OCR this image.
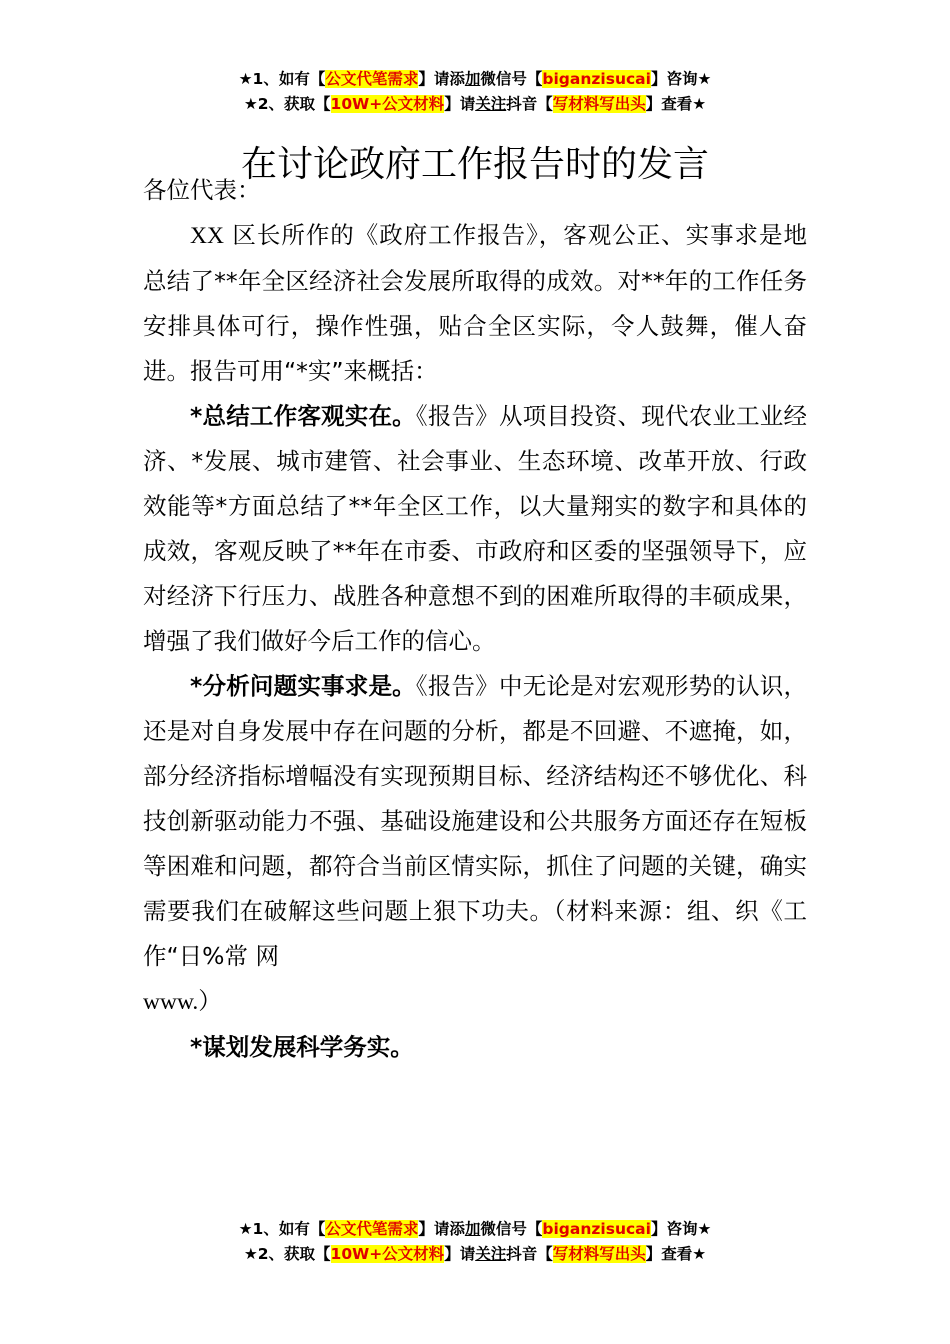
★1、如有【公文代笔需求】请添加微信号【biganzisucai】咨询★
★2、获取【10W+公文材料】请关注抖音【写材料写出头】查看★
在讨论政府工作报告时的发言

各位代表：

XX 区长所作的《政府工作报告》，客观公正、实事求是地总结了**年全区经济社会发展所取得的成效。对**年的工作任务安排具体可行，操作性强，贴合全区实际，令人鼓舞，催人奋进。报告可用“*实”来概括：

*总结工作客观实在。《报告》从项目投资、现代农业工业经济、*发展、城市建管、社会事业、生态环境、改革开放、行政效能等*方面总结了**年全区工作，以大量翔实的数字和具体的成效，客观反映了**年在市委、市政府和区委的坚强领导下，应对经济下行压力、战胜各种意想不到的困难所取得的丰硕成果，增强了我们做好今后工作的信心。

*分析问题实事求是。《报告》中无论是对宏观形势的认识，还是对自身发展中存在问题的分析，都是不回避、不遮掩，如，部分经济指标增幅没有实现预期目标、经济结构还不够优化、科技创新驱动能力不强、基础设施建设和公共服务方面还存在短板等困难和问题，都符合当前区情实际，抓住了问题的关键，确实需要我们在破解这些问题上狠下功夫。（材料来源：组、织《工 作“日%常 网
www.）

*谋划发展科学务实。

★1、如有【公文代笔需求】请添加微信号【biganzisucai】咨询★
★2、获取【10W+公文材料】请关注抖音【写材料写出头】查看★
